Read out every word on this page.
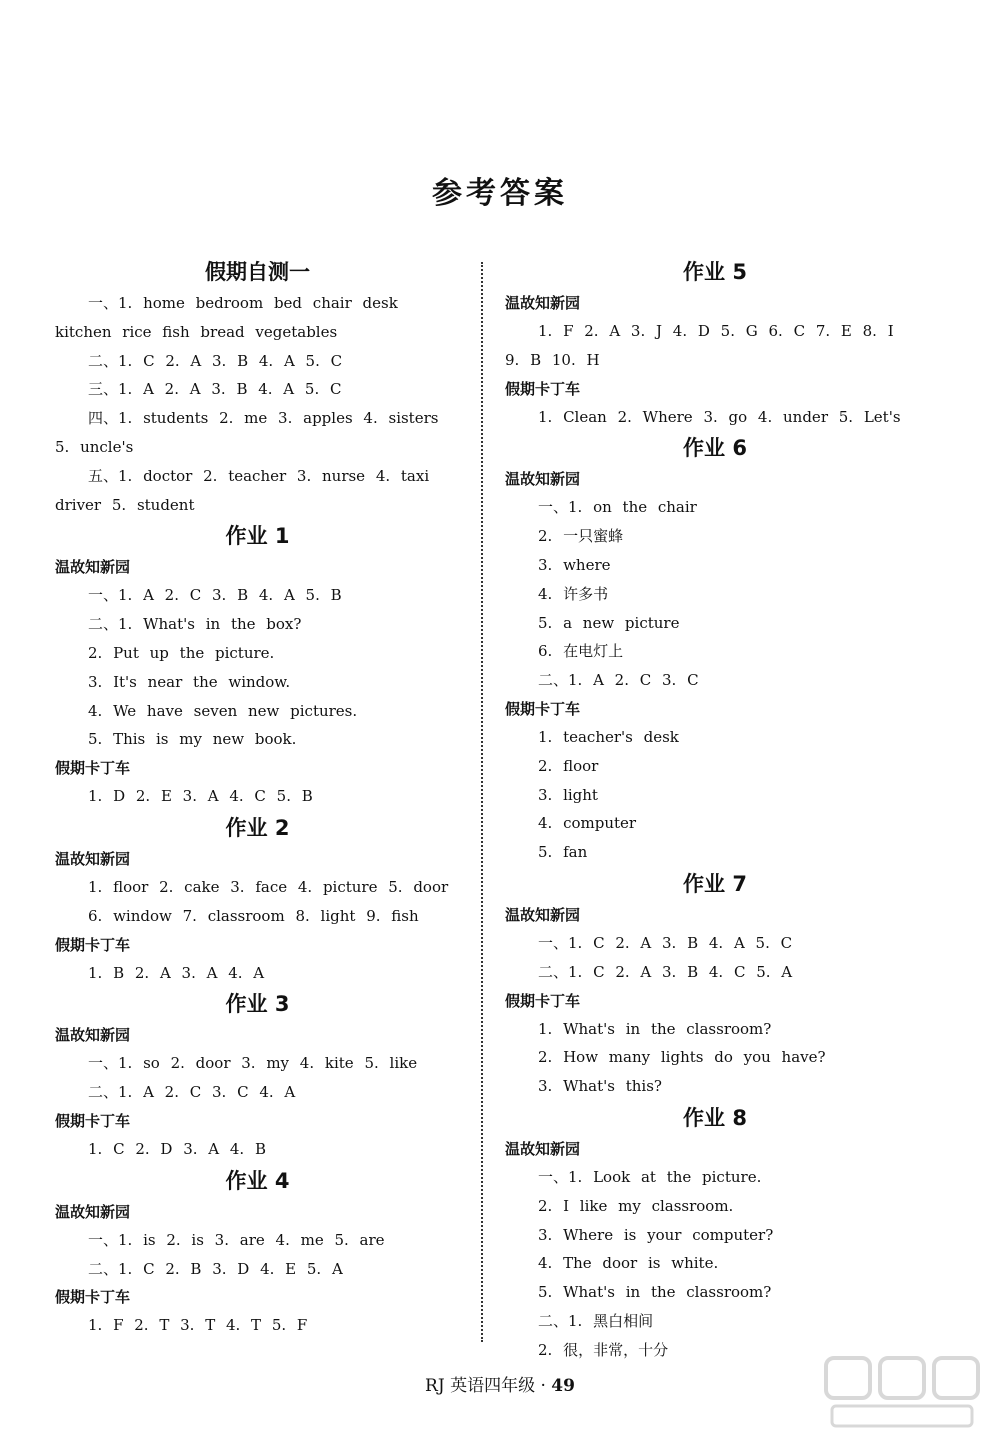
参考答案
假期自测一
一、1. home bedroom bed chair desk
kitchen rice fish bread vegetables
二、1. C 2. A 3. B 4. A 5. C
三、1. A 2. A 3. B 4. A 5. C
四、1. students 2. me 3. apples 4. sisters
5. uncle's
五、1. doctor 2. teacher 3. nurse 4. taxi
driver 5. student
作业 1
温故知新园
一、1. A 2. C 3. B 4. A 5. B
二、1. What's in the box?
2. Put up the picture.
3. It's near the window.
4. We have seven new pictures.
5. This is my new book.
假期卡丁车
1. D 2. E 3. A 4. C 5. B
作业 2
温故知新园
1. floor 2. cake 3. face 4. picture 5. door
6. window 7. classroom 8. light 9. fish
假期卡丁车
1. B 2. A 3. A 4. A
作业 3
温故知新园
一、1. so 2. door 3. my 4. kite 5. like
二、1. A 2. C 3. C 4. A
假期卡丁车
1. C 2. D 3. A 4. B
作业 4
温故知新园
一、1. is 2. is 3. are 4. me 5. are
二、1. C 2. B 3. D 4. E 5. A
假期卡丁车
1. F 2. T 3. T 4. T 5. F
作业 5
温故知新园
1. F 2. A 3. J 4. D 5. G 6. C 7. E 8. I
9. B 10. H
假期卡丁车
1. Clean 2. Where 3. go 4. under 5. Let's
作业 6
温故知新园
一、1. on the chair
2. 一只蜜蜂
3. where
4. 许多书
5. a new picture
6. 在电灯上
二、1. A 2. C 3. C
假期卡丁车
1. teacher's desk
2. floor
3. light
4. computer
5. fan
作业 7
温故知新园
一、1. C 2. A 3. B 4. A 5. C
二、1. C 2. A 3. B 4. C 5. A
假期卡丁车
1. What's in the classroom?
2. How many lights do you have?
3. What's this?
作业 8
温故知新园
一、1. Look at the picture.
2. I like my classroom.
3. Where is your computer?
4. The door is white.
5. What's in the classroom?
二、1. 黑白相间
2. 很，非常，十分
RJ 英语四年级 · 49
